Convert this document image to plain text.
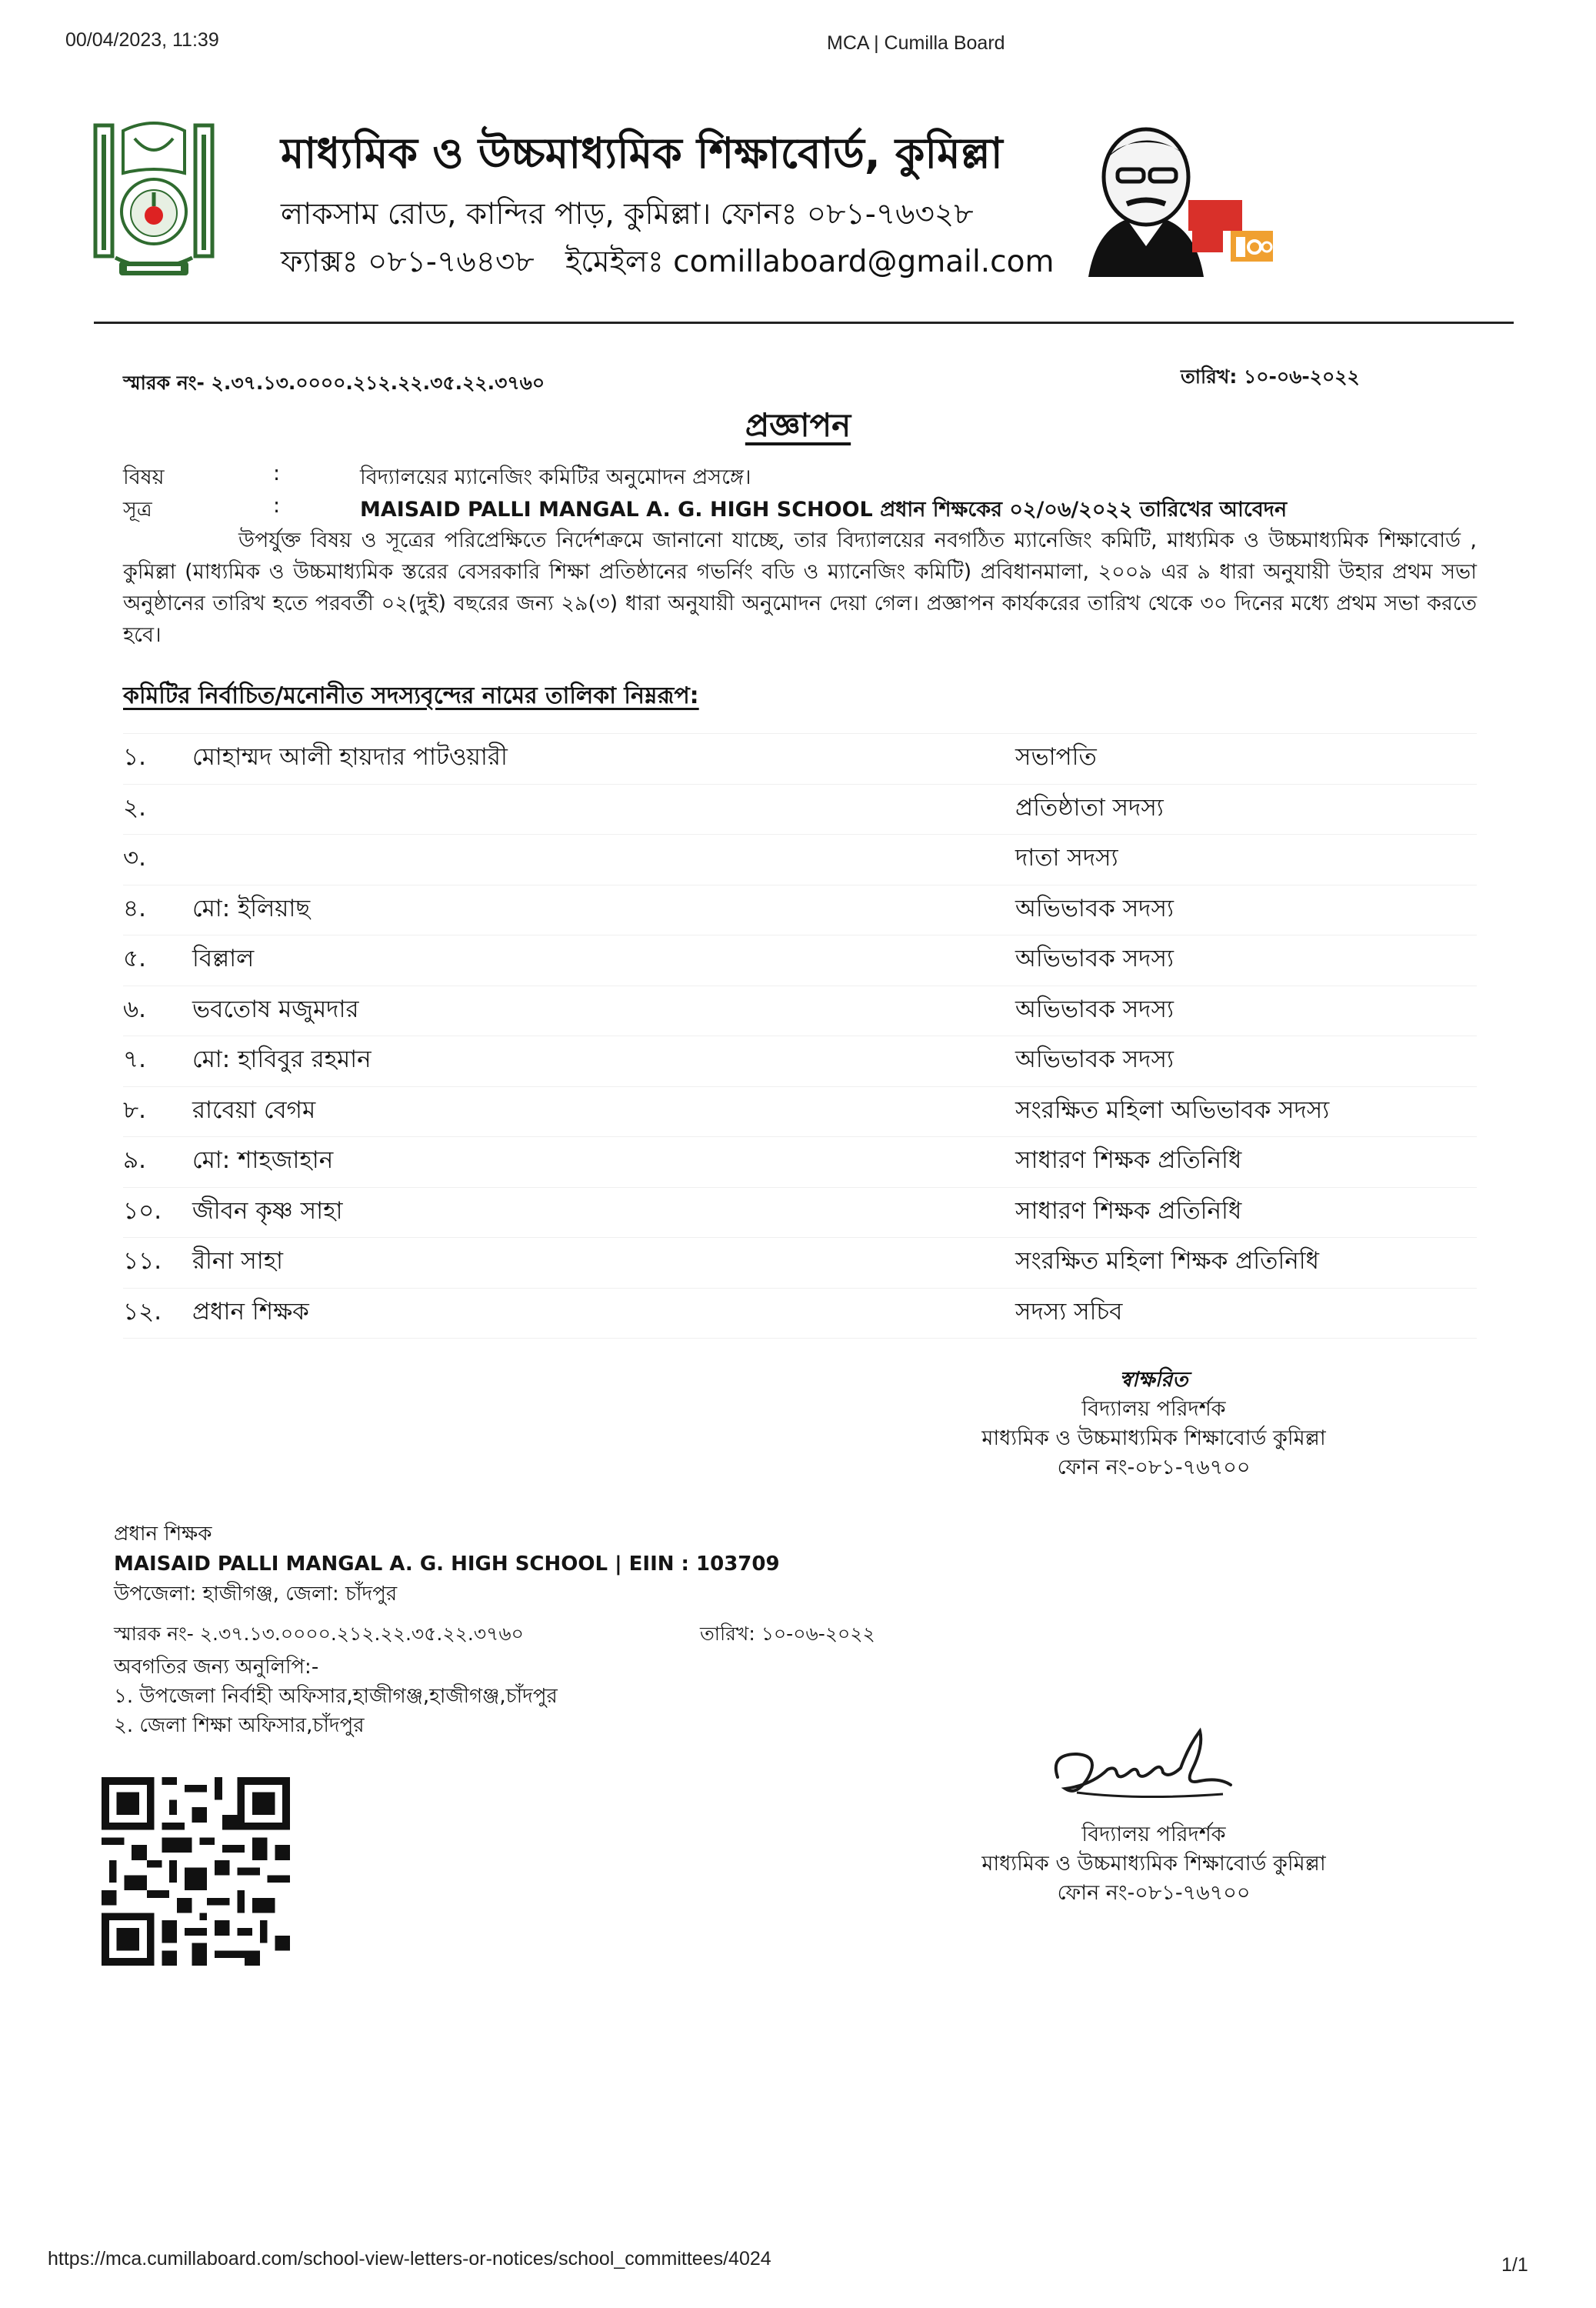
00/04/2023, 11:39	MCA | Cumilla Board
মাধ্যমিক ও উচ্চমাধ্যমিক শিক্ষাবোর্ড, কুমিল্লা
লাকসাম রোড, কান্দির পাড়, কুমিল্লা। ফোনঃ ০৮১-৭৬৩২৮
ফ্যাক্সঃ ০৮১-৭৬৪৩৮ ইমেইলঃ comillaboard@gmail.com
স্মারক নং- ২.৩৭.১৩.০০০০.২১২.২২.৩৫.২২.৩৭৬০	তারিখ: ১০-০৬-২০২২
প্রজ্ঞাপন
বিষয়	:	বিদ্যালয়ের ম্যানেজিং কমিটির অনুমোদন প্রসঙ্গে।
সূত্র	:	MAISAID PALLI MANGAL A. G. HIGH SCHOOL প্রধান শিক্ষকের ০২/০৬/২০২২ তারিখের আবেদন
উপর্যুক্ত বিষয় ও সূত্রের পরিপ্রেক্ষিতে নির্দেশক্রমে জানানো যাচ্ছে, তার বিদ্যালয়ের নবগঠিত ম্যানেজিং কমিটি, মাধ্যমিক ও উচ্চমাধ্যমিক শিক্ষাবোর্ড , কুমিল্লা (মাধ্যমিক ও উচ্চমাধ্যমিক স্তরের বেসরকারি শিক্ষা প্রতিষ্ঠানের গভর্নিং বডি ও ম্যানেজিং কমিটি) প্রবিধানমালা, ২০০৯ এর ৯ ধারা অনুযায়ী উহার প্রথম সভা অনুষ্ঠানের তারিখ হতে পরবর্তী ০২(দুই) বছরের জন্য ২৯(৩) ধারা অনুযায়ী অনুমোদন দেয়া গেল। প্রজ্ঞাপন কার্যকরের তারিখ থেকে ৩০ দিনের মধ্যে প্রথম সভা করতে হবে।
কমিটির নির্বাচিত/মনোনীত সদস্যবৃন্দের নামের তালিকা নিম্নরূপ:
১.	মোহাম্মদ আলী হায়দার পাটওয়ারী	সভাপতি
২.		প্রতিষ্ঠাতা সদস্য
৩.		দাতা সদস্য
৪.	মো: ইলিয়াছ	অভিভাবক সদস্য
৫.	বিল্লাল	অভিভাবক সদস্য
৬.	ভবতোষ মজুমদার	অভিভাবক সদস্য
৭.	মো: হাবিবুর রহমান	অভিভাবক সদস্য
৮.	রাবেয়া বেগম	সংরক্ষিত মহিলা অভিভাবক সদস্য
৯.	মো: শাহজাহান	সাধারণ শিক্ষক প্রতিনিধি
১০.	জীবন কৃষ্ণ সাহা	সাধারণ শিক্ষক প্রতিনিধি
১১.	রীনা সাহা	সংরক্ষিত মহিলা শিক্ষক প্রতিনিধি
১২.	প্রধান শিক্ষক	সদস্য সচিব
স্বাক্ষরিত
বিদ্যালয় পরিদর্শক
মাধ্যমিক ও উচ্চমাধ্যমিক শিক্ষাবোর্ড কুমিল্লা
ফোন নং-০৮১-৭৬৭০০
প্রধান শিক্ষক
MAISAID PALLI MANGAL A. G. HIGH SCHOOL | EIIN : 103709
উপজেলা: হাজীগঞ্জ, জেলা: চাঁদপুর
স্মারক নং- ২.৩৭.১৩.০০০০.২১২.২২.৩৫.২২.৩৭৬০	তারিখ: ১০-০৬-২০২২
অবগতির জন্য অনুলিপি:-
১. উপজেলা নির্বাহী অফিসার,হাজীগঞ্জ,হাজীগঞ্জ,চাঁদপুর
২. জেলা শিক্ষা অফিসার,চাঁদপুর
বিদ্যালয় পরিদর্শক
মাধ্যমিক ও উচ্চমাধ্যমিক শিক্ষাবোর্ড কুমিল্লা
ফোন নং-০৮১-৭৬৭০০
https://mca.cumillaboard.com/school-view-letters-or-notices/school_committees/4024	1/1
